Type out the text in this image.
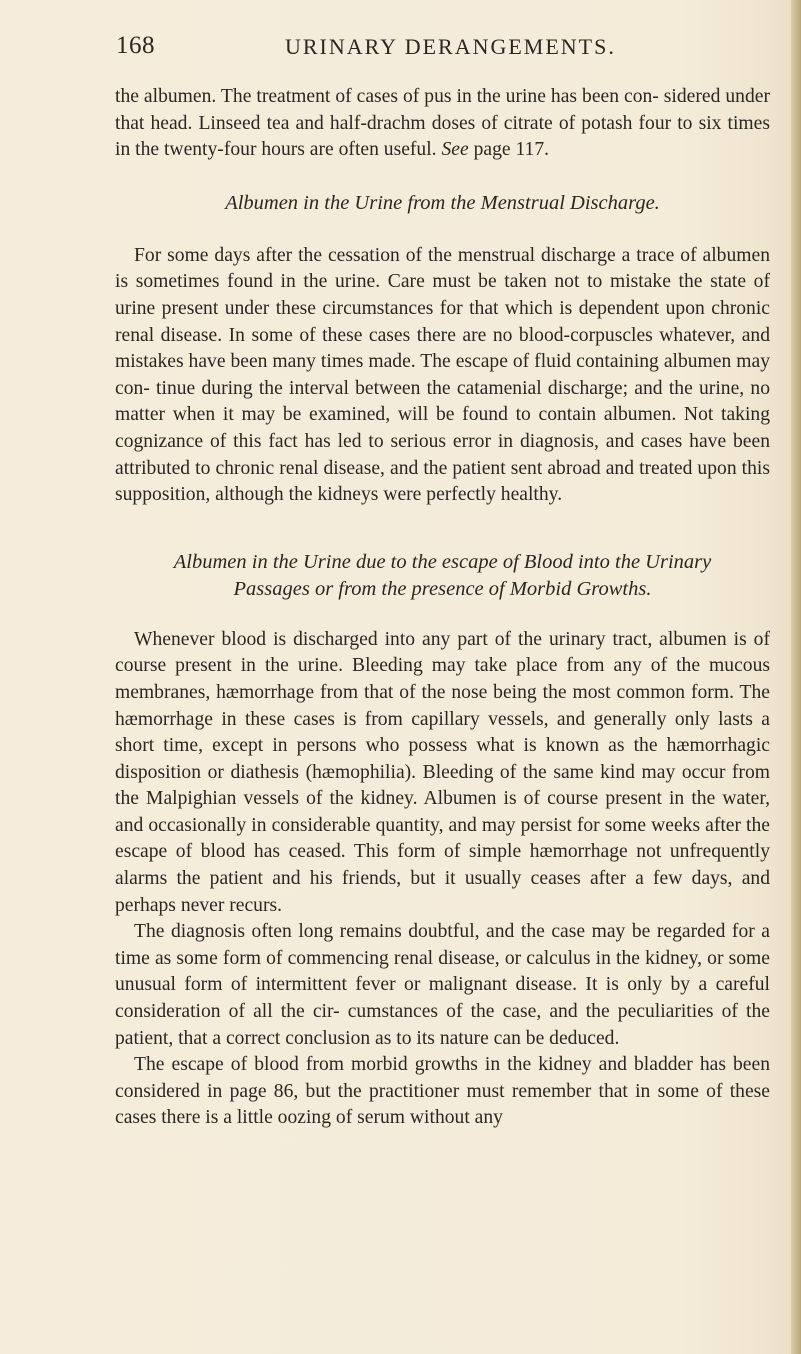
168	URINARY DERANGEMENTS.

the albumen. The treatment of cases of pus in the urine has been con- sidered under that head. Linseed tea and half-drachm doses of citrate of potash four to six times in the twenty-four hours are often useful. See page 117.

Albumen in the Urine from the Menstrual Discharge.

For some days after the cessation of the menstrual discharge a trace of albumen is sometimes found in the urine. Care must be taken not to mistake the state of urine present under these circumstances for that which is dependent upon chronic renal disease. In some of these cases there are no blood-corpuscles whatever, and mistakes have been many times made. The escape of fluid containing albumen may con- tinue during the interval between the catamenial discharge; and the urine, no matter when it may be examined, will be found to contain albumen. Not taking cognizance of this fact has led to serious error in diagnosis, and cases have been attributed to chronic renal disease, and the patient sent abroad and treated upon this supposition, although the kidneys were perfectly healthy.

Albumen in the Urine due to the escape of Blood into the Urinary
Passages or from the presence of Morbid Growths.

Whenever blood is discharged into any part of the urinary tract, albumen is of course present in the urine. Bleeding may take place from any of the mucous membranes, hæmorrhage from that of the nose being the most common form. The hæmorrhage in these cases is from capillary vessels, and generally only lasts a short time, except in persons who possess what is known as the hæmorrhagic disposition or diathesis (hæmophilia). Bleeding of the same kind may occur from the Malpighian vessels of the kidney. Albumen is of course present in the water, and occasionally in considerable quantity, and may persist for some weeks after the escape of blood has ceased. This form of simple hæmorrhage not unfrequently alarms the patient and his friends, but it usually ceases after a few days, and perhaps never recurs.

The diagnosis often long remains doubtful, and the case may be regarded for a time as some form of commencing renal disease, or calculus in the kidney, or some unusual form of intermittent fever or malignant disease. It is only by a careful consideration of all the cir- cumstances of the case, and the peculiarities of the patient, that a correct conclusion as to its nature can be deduced.

The escape of blood from morbid growths in the kidney and bladder has been considered in page 86, but the practitioner must remember that in some of these cases there is a little oozing of serum without any
